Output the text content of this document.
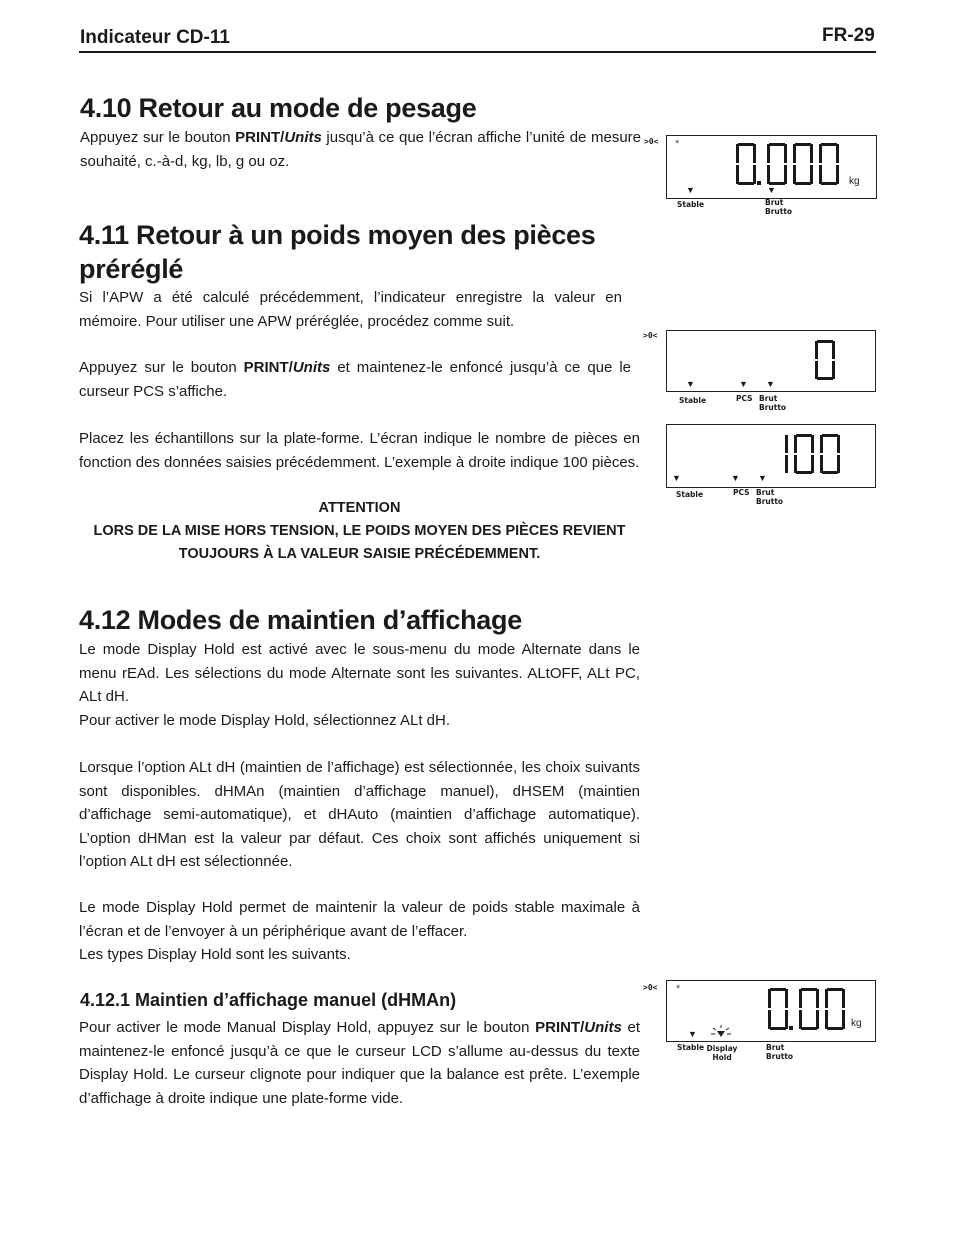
Indicateur CD-11	FR-29
4.10 Retour au mode de pesage
Appuyez sur le bouton PRINT/Units jusqu’à ce que l’écran affiche l’unité de mesure souhaité, c.-à-d, kg, lb, g ou oz.
4.11 Retour à un poids moyen des pièces
préréglé
Si l’APW a été calculé précédemment, l’indicateur enregistre la valeur en mémoire. Pour utiliser une APW préréglée, procédez comme suit.
Appuyez sur le bouton PRINT/Units et maintenez-le enfoncé jusqu’à ce que le curseur PCS s’affiche.
Placez les échantillons sur la plate-forme. L’écran indique le nombre de pièces en fonction des données saisies précédemment. L’exemple à droite indique 100 pièces.
ATTENTION
LORS DE LA MISE HORS TENSION, LE POIDS MOYEN DES PIÈCES REVIENT
TOUJOURS À LA VALEUR SAISIE PRÉCÉDEMMENT.
4.12 Modes de maintien d’affichage
Le mode Display Hold est activé avec le sous-menu du mode Alternate dans le menu rEAd. Les sélections du mode Alternate sont les suivantes. ALtOFF, ALt PC, ALt dH.
Pour activer le mode Display Hold, sélectionnez ALt dH.
Lorsque l’option ALt dH (maintien de l’affichage) est sélectionnée, les choix suivants sont disponibles. dHMAn (maintien d’affichage manuel), dHSEM (maintien d’affichage semi-automatique), et dHAuto (maintien d’affichage automatique). L’option dHMan est la valeur par défaut. Ces choix sont affichés uniquement si l’option ALt dH est sélectionnée.
Le mode Display Hold permet de maintenir la valeur de poids stable maximale à l’écran et de l’envoyer à un périphérique avant de l’effacer.
Les types Display Hold sont les suivants.
4.12.1 Maintien d’affichage manuel (dHMAn)
Pour activer le mode Manual Display Hold, appuyez sur le bouton PRINT/Units et maintenez-le enfoncé jusqu’à ce que le curseur LCD s’allume au-dessus du texte Display Hold. Le curseur clignote pour indiquer que la balance est prête. L’exemple d’affichage à droite indique une plate-forme vide.
>0< *
kg
▼	▼
Stable	Brut
Brutto
>0<
▼	▼ ▼
Stable	PCS Brut
Brutto
▼	▼ ▼
Stable	PCS Brut
Brutto
>0< *
kg
▼
Stable Display
Hold
Brut
Brutto
